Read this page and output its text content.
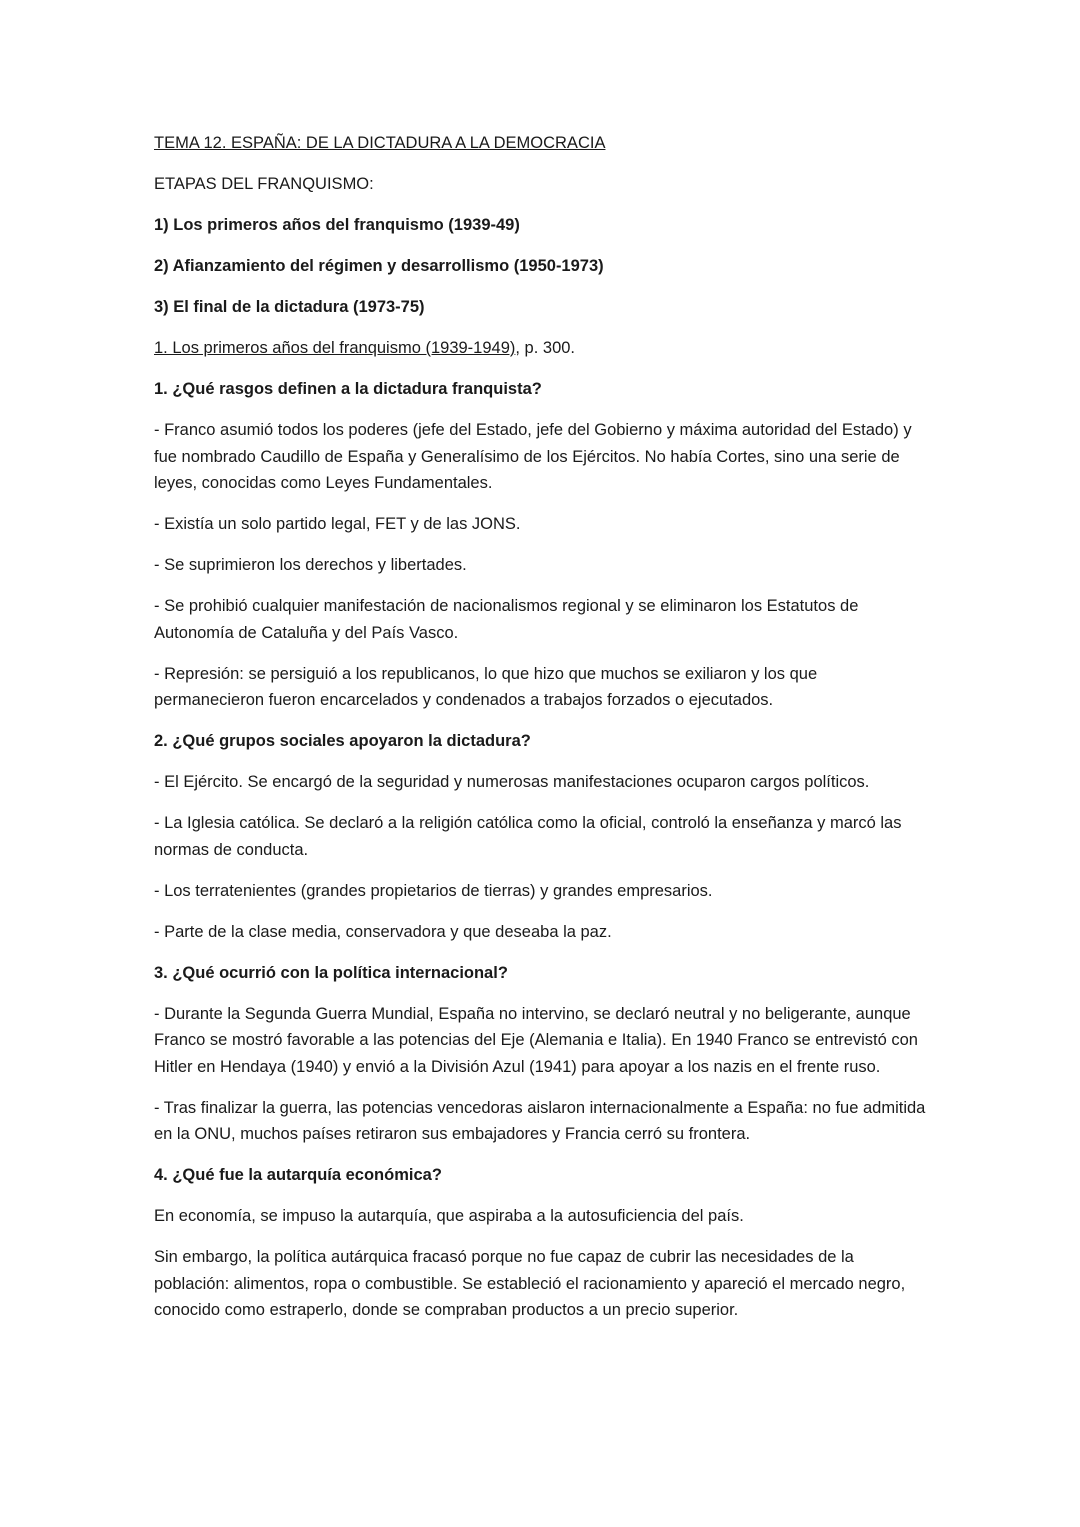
TEMA 12. ESPAÑA: DE LA DICTADURA A LA DEMOCRACIA

ETAPAS DEL FRANQUISMO:

1) Los primeros años del franquismo (1939-49)

2) Afianzamiento del régimen y desarrollismo (1950-1973)

3) El final de la dictadura (1973-75)

1. Los primeros años del franquismo (1939-1949), p. 300.

1. ¿Qué rasgos definen a la dictadura franquista?

- Franco asumió todos los poderes (jefe del Estado, jefe del Gobierno y máxima autoridad del Estado) y fue nombrado Caudillo de España y Generalísimo de los Ejércitos. No había Cortes, sino una serie de leyes, conocidas como Leyes Fundamentales.

- Existía un solo partido legal, FET y de las JONS.

- Se suprimieron los derechos y libertades.

- Se prohibió cualquier manifestación de nacionalismos regional y se eliminaron los Estatutos de Autonomía de Cataluña y del País Vasco.

- Represión: se persiguió a los republicanos, lo que hizo que muchos se exiliaron y los que permanecieron fueron encarcelados y condenados a trabajos forzados o ejecutados.

2. ¿Qué grupos sociales apoyaron la dictadura?

- El Ejército. Se encargó de la seguridad y numerosas manifestaciones ocuparon cargos políticos.

- La Iglesia católica. Se declaró a la religión católica como la oficial, controló la enseñanza y marcó las normas de conducta.

- Los terratenientes (grandes propietarios de tierras) y grandes empresarios.

- Parte de la clase media, conservadora y que deseaba la paz.

3. ¿Qué ocurrió con la política internacional?

- Durante la Segunda Guerra Mundial, España no intervino, se declaró neutral y no beligerante, aunque Franco se mostró favorable a las potencias del Eje (Alemania e Italia). En 1940 Franco se entrevistó con Hitler en Hendaya (1940) y envió a la División Azul (1941) para apoyar a los nazis en el frente ruso.

- Tras finalizar la guerra, las potencias vencedoras aislaron internacionalmente a España: no fue admitida en la ONU, muchos países retiraron sus embajadores y Francia cerró su frontera.

4. ¿Qué fue la autarquía económica?

En economía, se impuso la autarquía, que aspiraba a la autosuficiencia del país.

Sin embargo, la política autárquica fracasó porque no fue capaz de cubrir las necesidades de la población: alimentos, ropa o combustible. Se estableció el racionamiento y apareció el mercado negro, conocido como estraperlo, donde se compraban productos a un precio superior.
